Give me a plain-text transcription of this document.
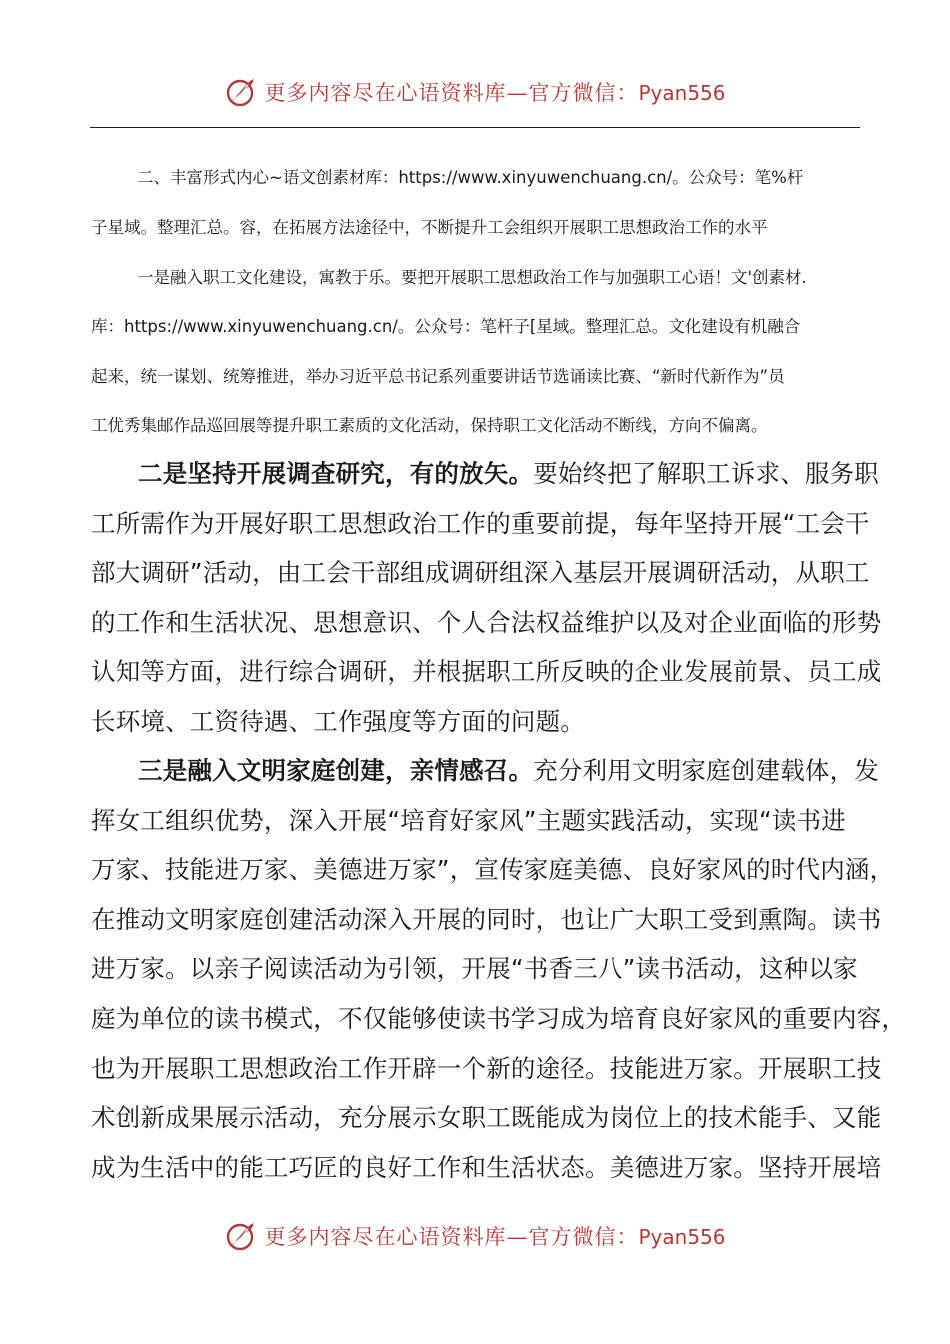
更多内容尽在心语资料库—官方微信：Pyan556
二、丰富形式内心~语文创素材库：https://www.xinyuwenchuang.cn/。公众号：笔%杆
子星域。整理汇总。容，在拓展方法途径中，不断提升工会组织开展职工思想政治工作的水平
一是融入职工文化建设，寓教于乐。要把开展职工思想政治工作与加强职工心语！文'创素材.
库：https://www.xinyuwenchuang.cn/。公众号：笔杆子[星域。整理汇总。文化建设有机融合
起来，统一谋划、统筹推进，举办习近平总书记系列重要讲话节选诵读比赛、“新时代新作为”员
工优秀集邮作品巡回展等提升职工素质的文化活动，保持职工文化活动不断线，方向不偏离。
二是坚持开展调查研究，有的放矢。要始终把了解职工诉求、服务职
工所需作为开展好职工思想政治工作的重要前提，每年坚持开展“工会干
部大调研”活动，由工会干部组成调研组深入基层开展调研活动，从职工
的工作和生活状况、思想意识、个人合法权益维护以及对企业面临的形势
认知等方面，进行综合调研，并根据职工所反映的企业发展前景、员工成
长环境、工资待遇、工作强度等方面的问题。
三是融入文明家庭创建，亲情感召。充分利用文明家庭创建载体，发
挥女工组织优势，深入开展“培育好家风”主题实践活动，实现“读书进
万家、技能进万家、美德进万家”，宣传家庭美德、良好家风的时代内涵，
在推动文明家庭创建活动深入开展的同时，也让广大职工受到熏陶。读书
进万家。以亲子阅读活动为引领，开展“书香三八”读书活动，这种以家
庭为单位的读书模式，不仅能够使读书学习成为培育良好家风的重要内容，
也为开展职工思想政治工作开辟一个新的途径。技能进万家。开展职工技
术创新成果展示活动，充分展示女职工既能成为岗位上的技术能手、又能
成为生活中的能工巧匠的良好工作和生活状态。美德进万家。坚持开展培
更多内容尽在心语资料库—官方微信：Pyan556
